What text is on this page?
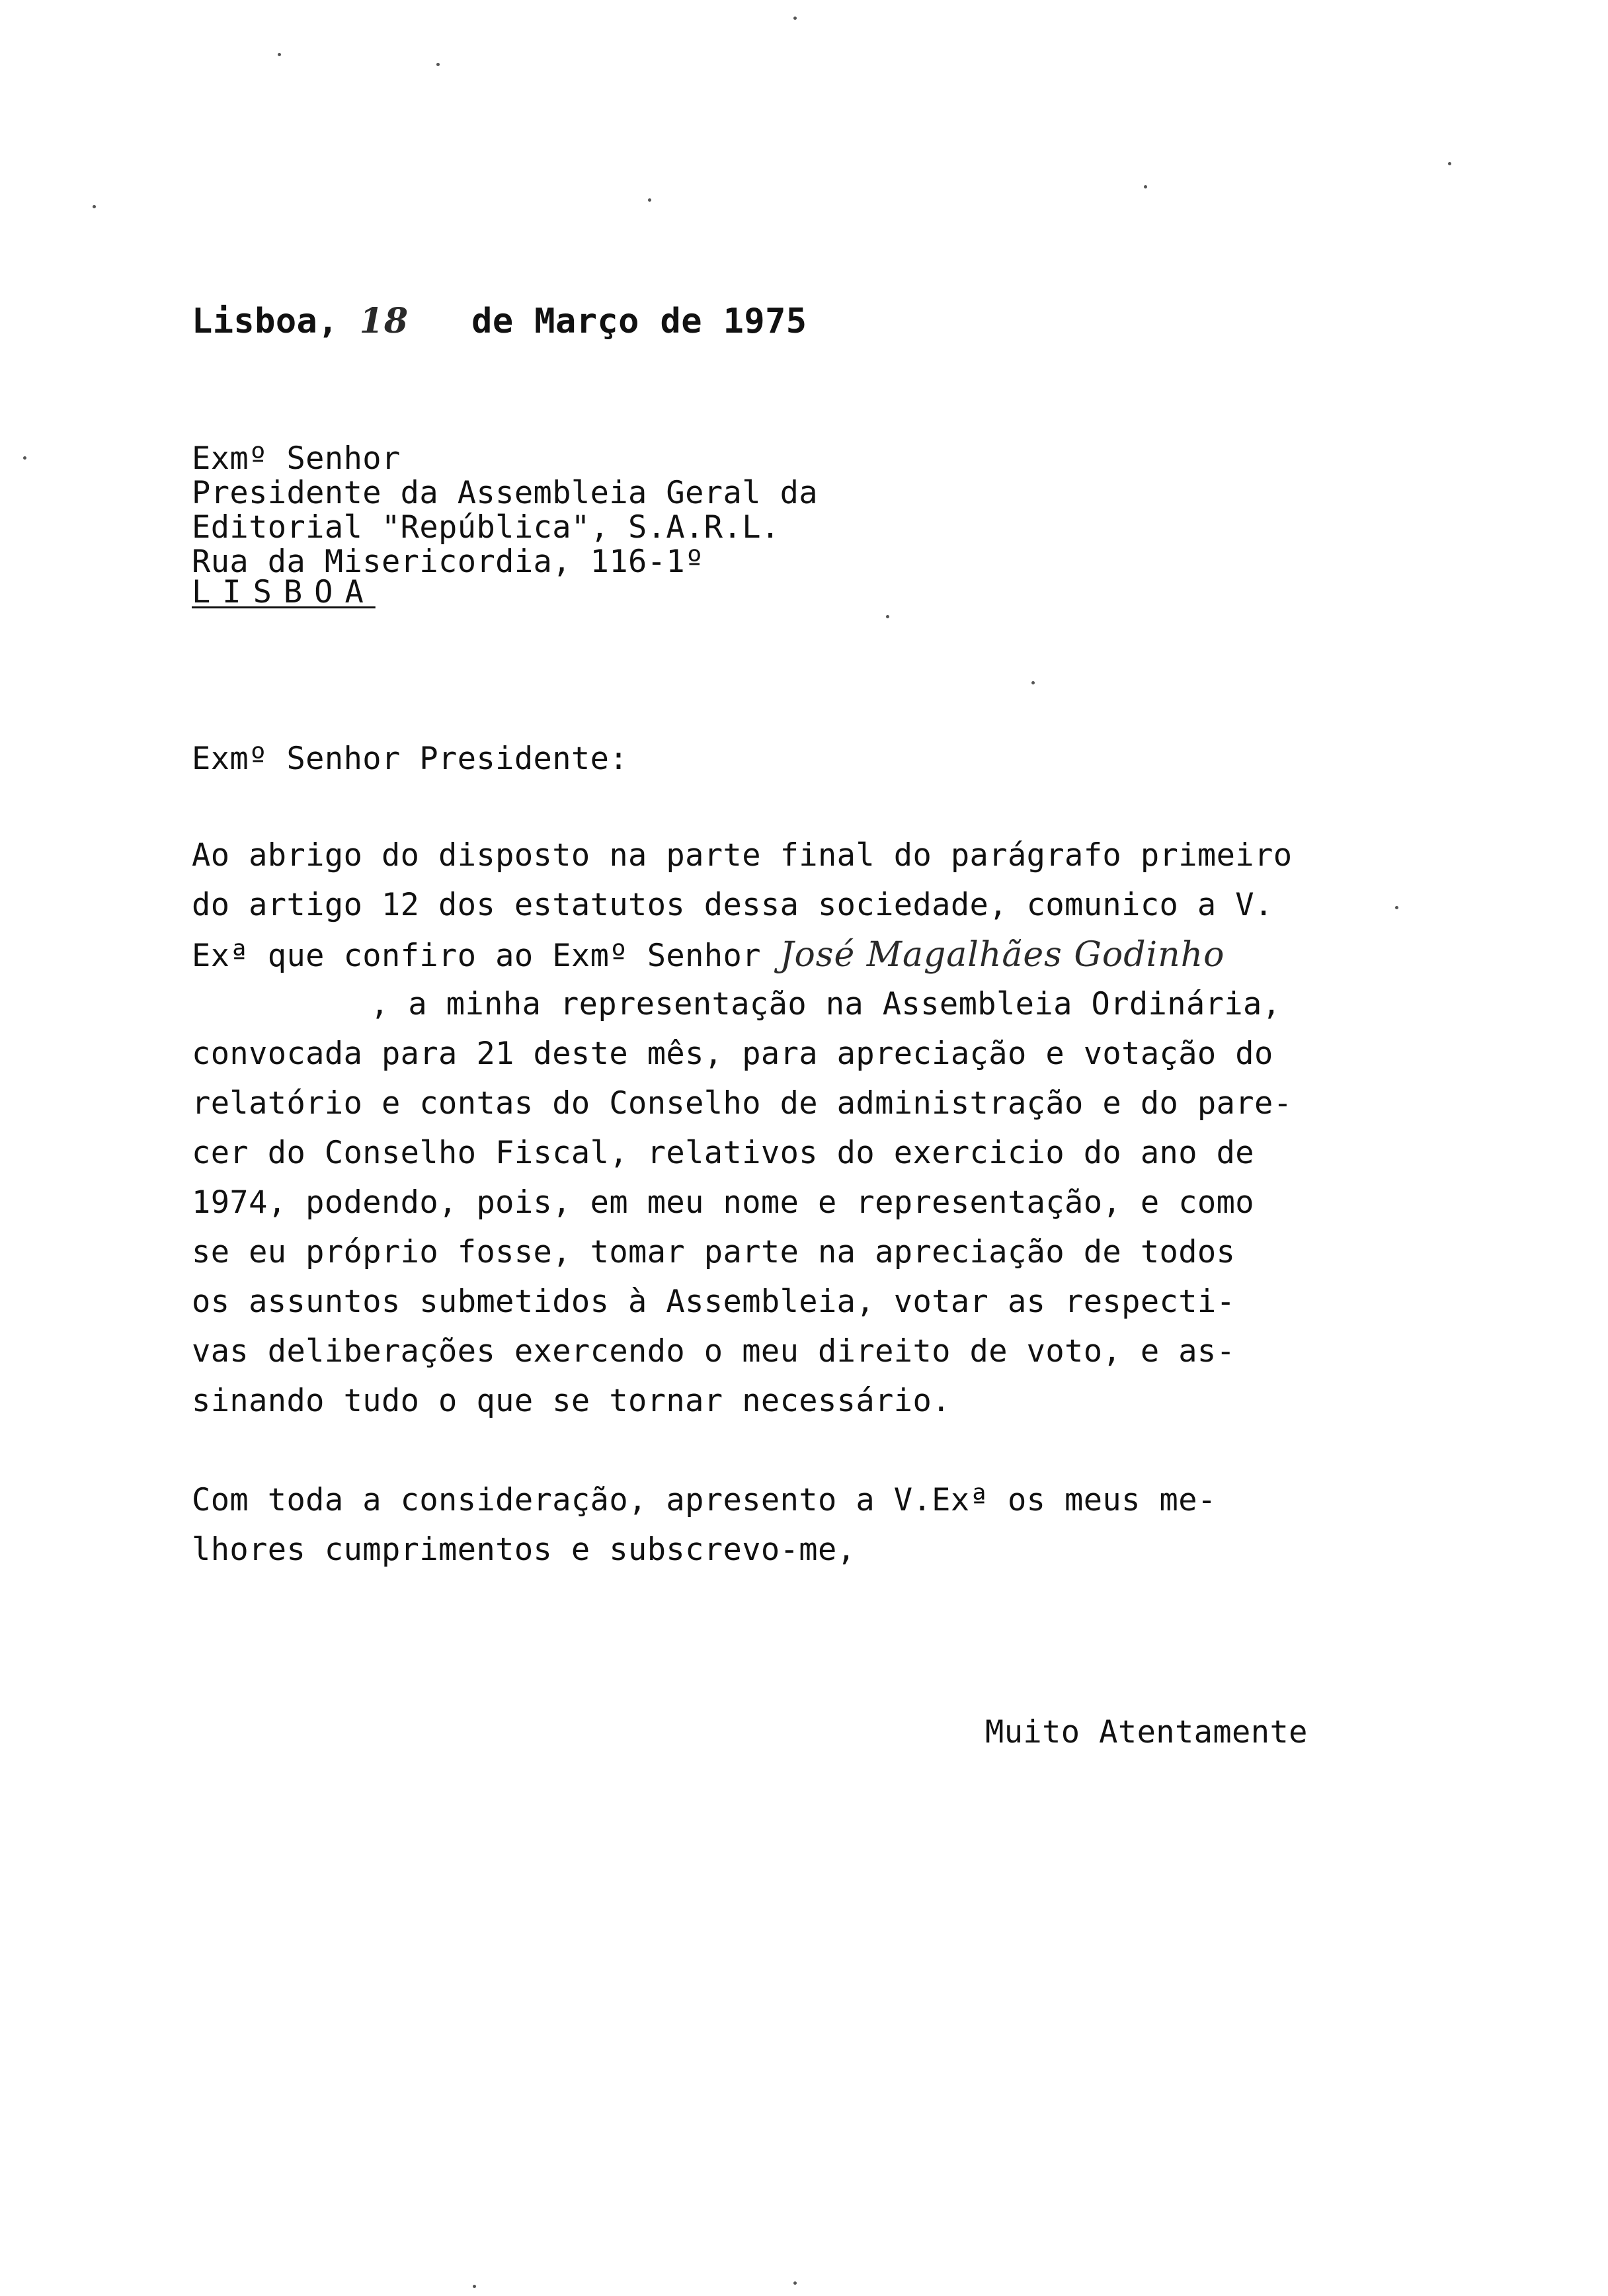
Lisboa, 18 de Março de 1975
Exmº Senhor
Presidente da Assembleia Geral da
Editorial "República", S.A.R.L.
Rua da Misericordia, 116-1º
LISBOA
Exmº Senhor Presidente:
Ao abrigo do disposto na parte final do parágrafo primeiro
do artigo 12 dos estatutos dessa sociedade, comunico a V.
Exª que confiro ao Exmº Senhor José Magalhães Godinho
, a minha representação na Assembleia Ordinária,
convocada para 21 deste mês, para apreciação e votação do
relatório e contas do Conselho de administração e do pare-
cer do Conselho Fiscal, relativos do exercicio do ano de
1974, podendo, pois, em meu nome e representação, e como
se eu próprio fosse, tomar parte na apreciação de todos
os assuntos submetidos à Assembleia, votar as respecti-
vas deliberações exercendo o meu direito de voto, e as-
sinando tudo o que se tornar necessário.
Com toda a consideração, apresento a V.Exª os meus me-
lhores cumprimentos e subscrevo-me,
Muito Atentamente
